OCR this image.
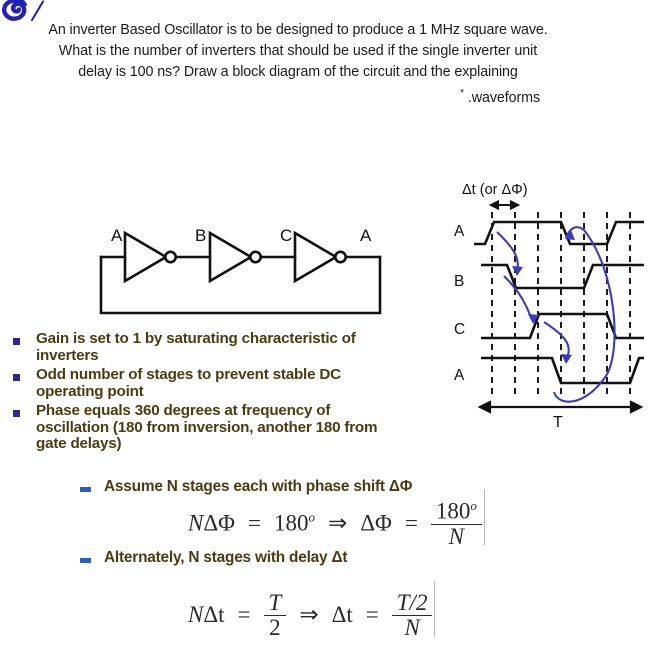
An inverter Based Oscillator is to be designed to produce a 1 MHz square wave.
What is the number of inverters that should be used if the single inverter unit
delay is 100 ns? Draw a block diagram of the circuit and the explaining
* .waveforms
A	B	C	A
Δt (or ΔΦ)
A
B
C
A
T
Gain is set to 1 by saturating characteristic of
inverters
Odd number of stages to prevent stable DC
operating point
Phase equals 360 degrees at frequency of
oscillation (180 from inversion, another 180 from
gate delays)
Assume N stages each with phase shift ΔΦ
$N\Delta\Phi = 180^o$ ⇒ $\Delta\Phi = \frac{180^o}{N}$
Alternately, N stages with delay Δt
$N\Delta t = \frac{T}{2}$ ⇒ $\Delta t = \frac{T/2}{N}$
